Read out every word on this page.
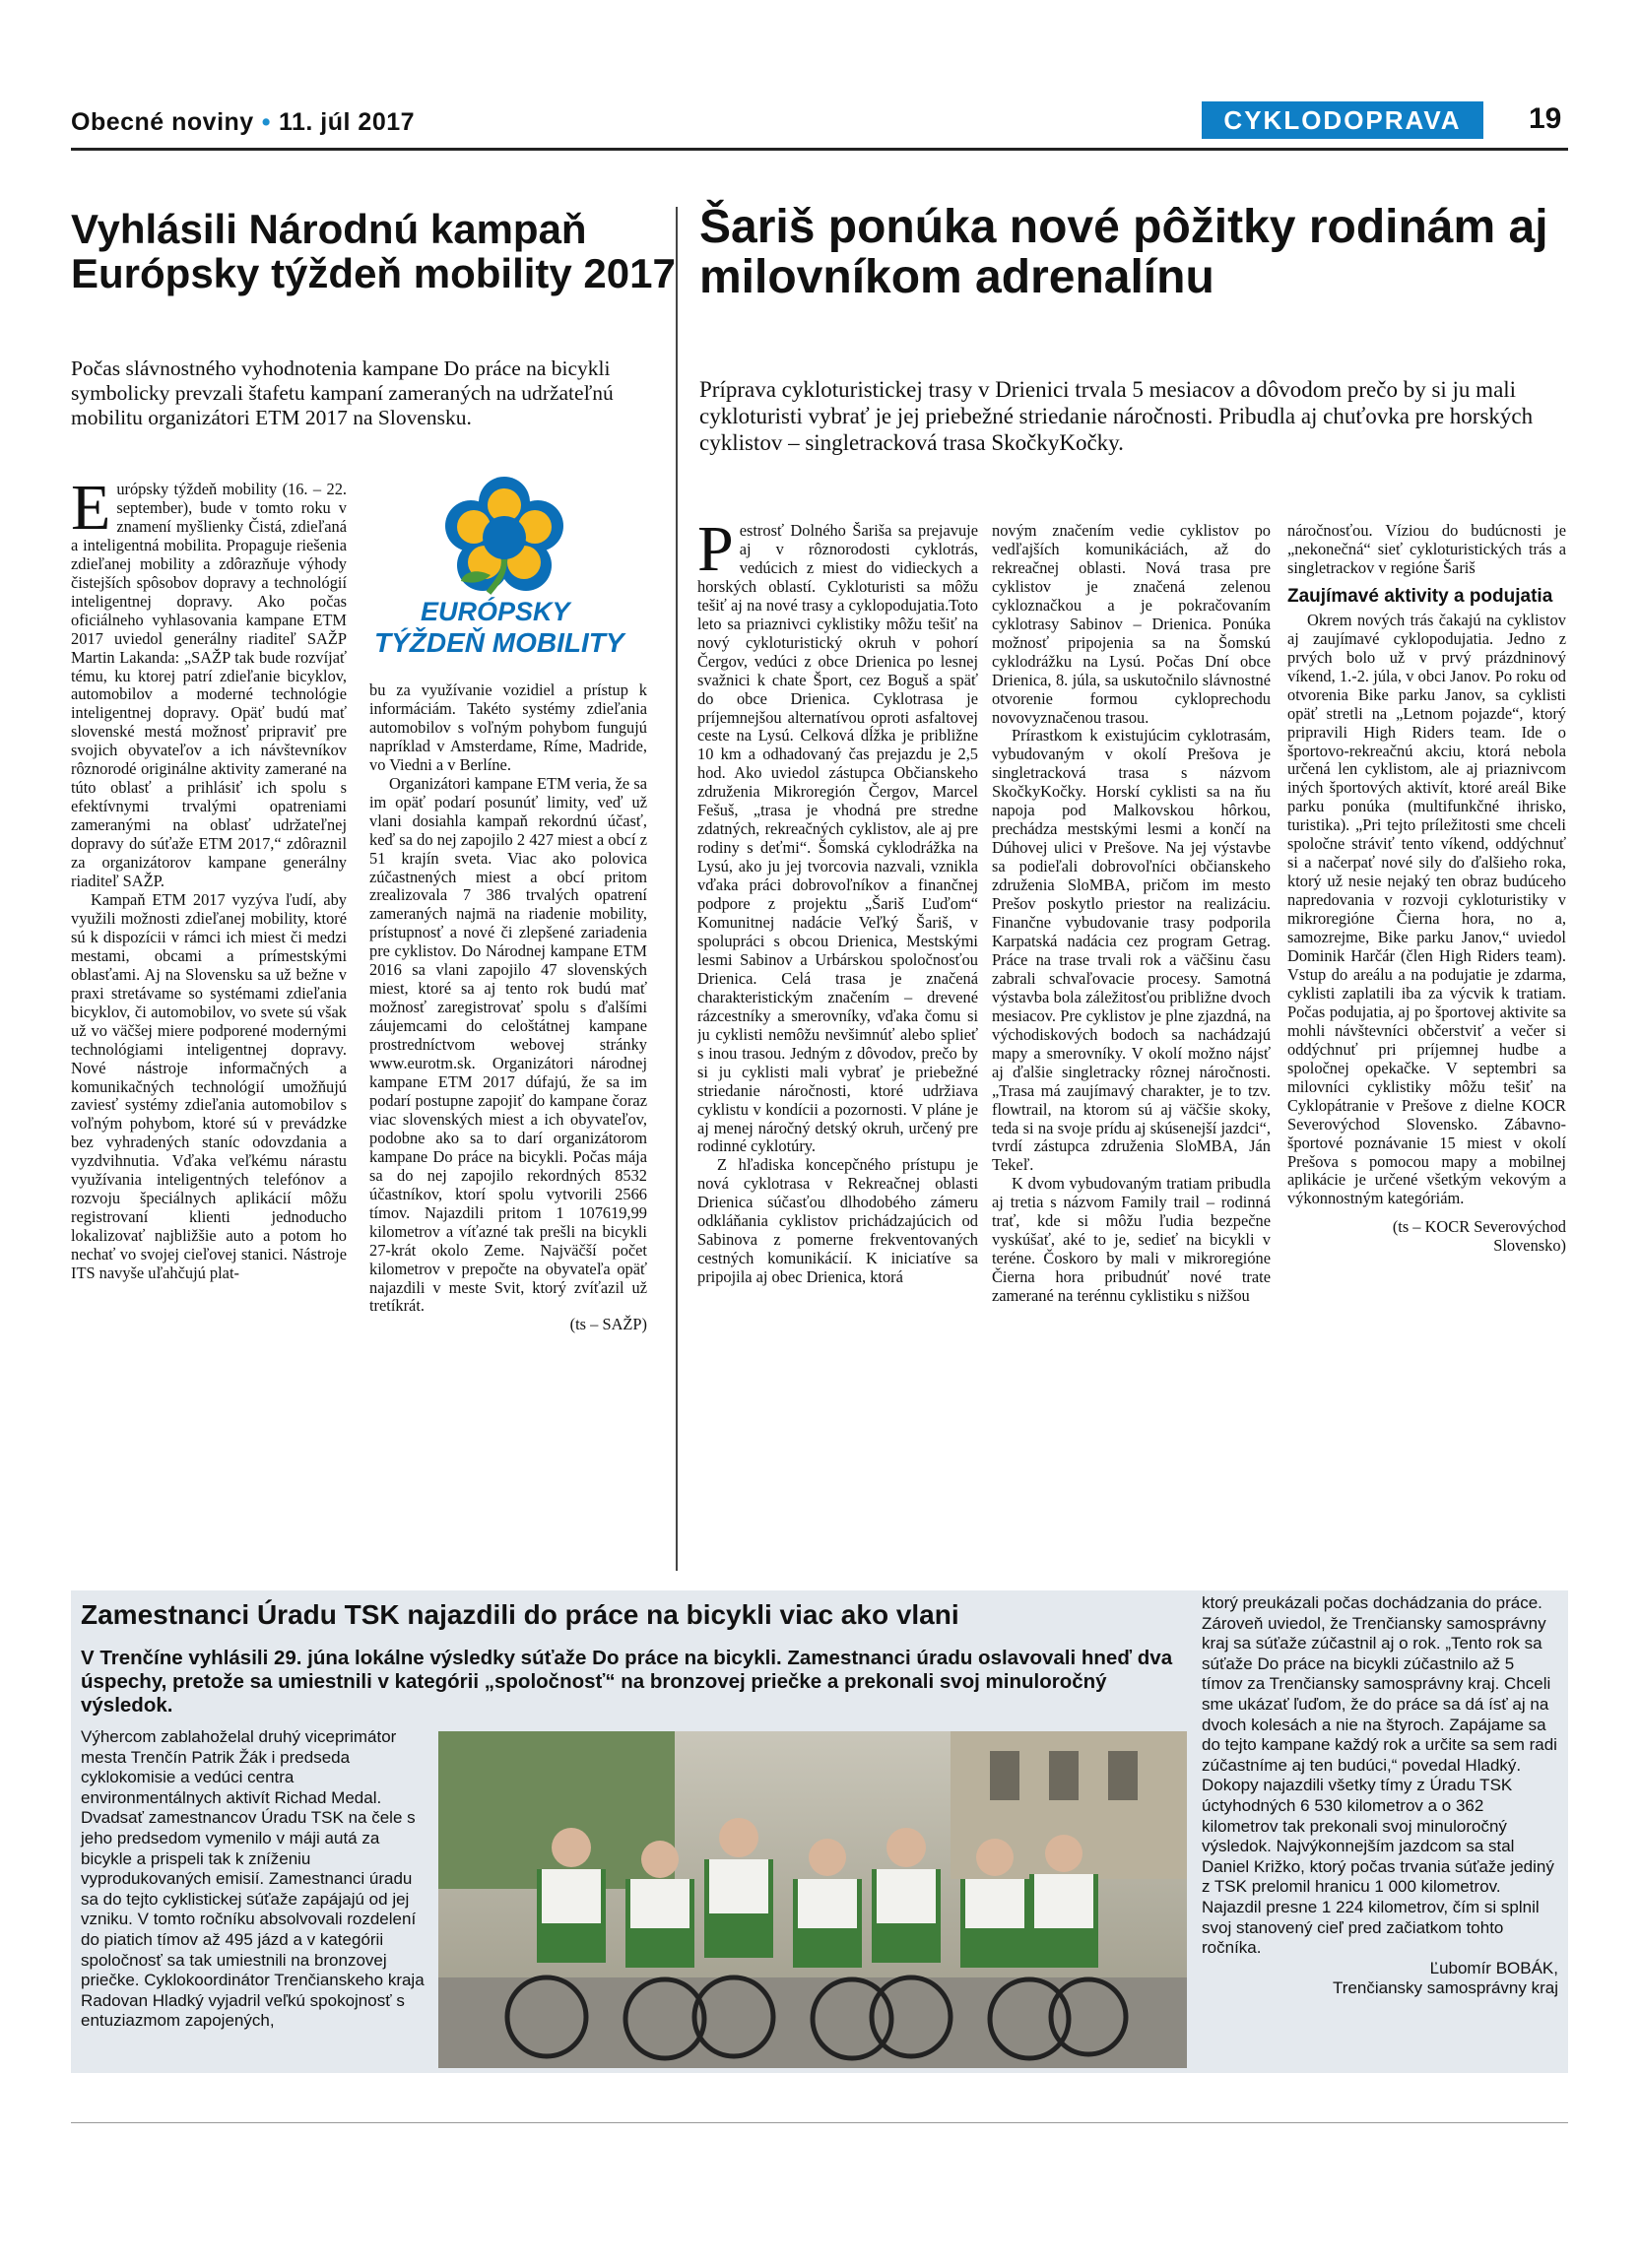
Obecné noviny • 11. júl 2017	CYKLODOPRAVA	19
Vyhlásili Národnú kampaň Európsky týždeň mobility 2017
Počas slávnostného vyhodnotenia kampane Do práce na bicykli symbolicky prevzali štafetu kampaní zameraných na udržateľnú mobilitu organizátori ETM 2017 na Slovensku.

Európsky týždeň mobility (16. – 22. september), bude v tomto roku v znamení myšlienky Čistá, zdieľaná a inteligentná mobilita. Propaguje riešenia zdieľanej mobility a zdôrazňuje výhody čistejších spôsobov dopravy a technológií inteligentnej dopravy. Ako počas oficiálneho vyhlasovania kampane ETM 2017 uviedol generálny riaditeľ SAŽP Martin Lakanda: „SAŽP tak bude rozvíjať tému, ku ktorej patrí zdieľanie bicyklov, automobilov a moderné technológie inteligentnej dopravy. Opäť budú mať slovenské mestá možnosť pripraviť pre svojich obyvateľov a ich návštevníkov rôznorodé originálne aktivity zamerané na túto oblasť a prihlásiť ich spolu s efektívnymi trvalými opatreniami zameranými na oblasť udržateľnej dopravy do súťaže ETM 2017,“ zdôraznil za organizátorov kampane generálny riaditeľ SAŽP.

Kampaň ETM 2017 vyzýva ľudí, aby využili možnosti zdieľanej mobility, ktoré sú k dispozícii v rámci ich miest či medzi mestami, obcami a prímestskými oblasťami. Aj na Slovensku sa už bežne v praxi stretávame so systémami zdieľania bicyklov, či automobilov, vo svete sú však už vo väčšej miere podporené modernými technológiami inteligentnej dopravy. Nové nástroje informačných a komunikačných technológií umožňujú zaviesť systémy zdieľania automobilov s voľným pohybom, ktoré sú v prevádzke bez vyhradených staníc odovzdania a vyzdvihnutia. Vďaka veľkému nárastu využívania inteligentných telefónov a rozvoju špeciálnych aplikácií môžu registrovaní klienti jednoducho lokalizovať najbližšie auto a potom ho nechať vo svojej cieľovej stanici. Nástroje ITS navyše uľahčujú plat-

EURÓPSKY
TÝŽDEŇ MOBILITY

bu za využívanie vozidiel a prístup k informáciám. Takéto systémy zdieľania automobilov s voľným pohybom fungujú napríklad v Amsterdame, Ríme, Madride, vo Viedni a v Berlíne.

Organizátori kampane ETM veria, že sa im opäť podarí posunúť limity, veď už vlani dosiahla kampaň rekordnú účasť, keď sa do nej zapojilo 2 427 miest a obcí z 51 krajín sveta. Viac ako polovica zúčastnených miest a obcí pritom zrealizovala 7 386 trvalých opatrení zameraných najmä na riadenie mobility, prístupnosť a nové či zlepšené zariadenia pre cyklistov. Do Národnej kampane ETM 2016 sa vlani zapojilo 47 slovenských miest, ktoré sa aj tento rok budú mať možnosť zaregistrovať spolu s ďalšími záujemcami do celoštátnej kampane prostredníctvom webovej stránky www.eurotm.sk. Organizátori národnej kampane ETM 2017 dúfajú, že sa im podarí postupne zapojiť do kampane čoraz viac slovenských miest a ich obyvateľov, podobne ako sa to darí organizátorom kampane Do práce na bicykli. Počas mája sa do nej zapojilo rekordných 8532 účastníkov, ktorí spolu vytvorili 2566 tímov. Najazdili pritom 1 107619,99 kilometrov a víťazné tak prešli na bicykli 27-krát okolo Zeme. Najväčší počet kilometrov v prepočte na obyvateľa opäť najazdili v meste Svit, ktorý zvíťazil už tretíkrát.

(ts – SAŽP)
Šariš ponúka nové pôžitky rodinám aj milovníkom adrenalínu
Príprava cykloturistickej trasy v Drienici trvala 5 mesiacov a dôvodom prečo by si ju mali cykloturisti vybrať je jej priebežné striedanie náročnosti. Pribudla aj chuťovka pre horských cyklistov – singletracková trasa SkočkyKočky.

Pestrosť Dolného Šariša sa prejavuje aj v rôznorodosti cyklotrás, vedúcich z miest do vidieckych a horských oblastí. Cykloturisti sa môžu tešiť aj na nové trasy a cyklopodujatia.Toto leto sa priaznivci cyklistiky môžu tešiť na nový cykloturistický okruh v pohorí Čergov, vedúci z obce Drienica po lesnej svažnici k chate Šport, cez Boguš a späť do obce Drienica. Cyklotrasa je príjemnejšou alternatívou oproti asfaltovej ceste na Lysú. Celková dĺžka je približne 10 km a odhadovaný čas prejazdu je 2,5 hod. Ako uviedol zástupca Občianskeho združenia Mikroregión Čergov, Marcel Fešuš, „trasa je vhodná pre stredne zdatných, rekreačných cyklistov, ale aj pre rodiny s deťmi“. Šomská cyklodrážka na Lysú, ako ju jej tvorcovia nazvali, vznikla vďaka práci dobrovoľníkov a finančnej podpore z projektu „Šariš Ľuďom“ Komunitnej nadácie Veľký Šariš, v spolupráci s obcou Drienica, Mestskými lesmi Sabinov a Urbárskou spoločnosťou Drienica. Celá trasa je značená charakteristickým značením – drevené rázcestníky a smerovníky, vďaka čomu si ju cyklisti nemôžu nevšimnúť alebo splieť s inou trasou. Jedným z dôvodov, prečo by si ju cyklisti mali vybrať je priebežné striedanie náročnosti, ktoré udržiava cyklistu v kondícii a pozornosti. V pláne je aj menej náročný detský okruh, určený pre rodinné cyklotúry.

Z hľadiska koncepčného prístupu je nová cyklotrasa v Rekreačnej oblasti Drienica súčasťou dlhodobého zámeru odkláňania cyklistov prichádzajúcich od Sabinova z pomerne frekventovaných cestných komunikácií. K iniciatíve sa pripojila aj obec Drienica, ktorá

novým značením vedie cyklistov po vedľajších komunikáciách, až do rekreačnej oblasti. Nová trasa pre cyklistov je značená zelenou cykloznačkou a je pokračovaním cyklotrasy Sabinov – Drienica. Ponúka možnosť pripojenia sa na Šomskú cyklodrážku na Lysú. Počas Dní obce Drienica, 8. júla, sa uskutočnilo slávnostné otvorenie formou cykloprechodu novovyznačenou trasou.

Prírastkom k existujúcim cyklotrasám, vybudovaným v okolí Prešova je singletracková trasa s názvom SkočkyKočky. Horskí cyklisti sa na ňu napoja pod Malkovskou hôrkou, prechádza mestskými lesmi a končí na Dúhovej ulici v Prešove. Na jej výstavbe sa podieľali dobrovoľníci občianskeho združenia SloMBA, pričom im mesto Prešov poskytlo priestor na realizáciu. Finančne vybudovanie trasy podporila Karpatská nadácia cez program Getrag. Práce na trase trvali rok a väčšinu času zabrali schvaľovacie procesy. Samotná výstavba bola záležitosťou približne dvoch mesiacov. Pre cyklistov je plne zjazdná, na východiskových bodoch sa nachádzajú mapy a smerovníky. V okolí možno nájsť aj ďalšie singletracky rôznej náročnosti. „Trasa má zaujímavý charakter, je to tzv. flowtrail, na ktorom sú aj väčšie skoky, teda si na svoje prídu aj skúsenejší jazdci“, tvrdí zástupca združenia SloMBA, Ján Tekeľ.

K dvom vybudovaným tratiam pribudla aj tretia s názvom Family trail – rodinná trať, kde si môžu ľudia bezpečne vyskúšať, aké to je, sedieť na bicykli v teréne. Čoskoro by mali v mikroregióne Čierna hora pribudnúť nové trate zamerané na terénnu cyklistiku s nižšou

náročnosťou. Víziou do budúcnosti je „nekonečná“ sieť cykloturistických trás a singletrackov v regióne Šariš

Zaujímavé aktivity a podujatia

Okrem nových trás čakajú na cyklistov aj zaujímavé cyklopodujatia. Jedno z prvých bolo už v prvý prázdninový víkend, 1.-2. júla, v obci Janov. Po roku od otvorenia Bike parku Janov, sa cyklisti opäť stretli na „Letnom pojazde“, ktorý pripravili High Riders team. Ide o športovo-rekreačnú akciu, ktorá nebola určená len cyklistom, ale aj priaznivcom iných športových aktivít, ktoré areál Bike parku ponúka (multifunkčné ihrisko, turistika). „Pri tejto príležitosti sme chceli spoločne stráviť tento víkend, oddýchnuť si a načerpať nové sily do ďalšieho roka, ktorý už nesie nejaký ten obraz budúceho napredovania v rozvoji cykloturistiky v mikroregióne Čierna hora, no a, samozrejme, Bike parku Janov,“ uviedol Dominik Harčár (člen High Riders team). Vstup do areálu a na podujatie je zdarma, cyklisti zaplatili iba za výcvik k tratiam. Počas podujatia, aj po športovej aktivite sa mohli návštevníci občerstviť a večer si oddýchnuť pri príjemnej hudbe a spoločnej opekačke. V septembri sa milovníci cyklistiky môžu tešiť na Cyklopátranie v Prešove z dielne KOCR Severovýchod Slovensko. Zábavno-športové poznávanie 15 miest v okolí Prešova s pomocou mapy a mobilnej aplikácie je určené všetkým vekovým a výkonnostným kategóriám.

(ts – KOCR Severovýchod
Slovensko)
Zamestnanci Úradu TSK najazdili do práce na bicykli viac ako vlani
V Trenčíne vyhlásili 29. júna lokálne výsledky súťaže Do práce na bicykli. Zamestnanci úradu oslavovali hneď dva úspechy, pretože sa umiestnili v kategórii „spoločnosť“ na bronzovej priečke a prekonali svoj minuloročný výsledok.
Výhercom zablahoželal druhý viceprimátor mesta Trenčín Patrik Žák i predseda cyklokomisie a vedúci centra environmentálnych aktivít Richad Medal. Dvadsať zamestnancov Úradu TSK na čele s jeho predsedom vymenilo v máji autá za bicykle a prispeli tak k zníženiu vyprodukovaných emisií. Zamestnanci úradu sa do tejto cyklistickej súťaže zapájajú od jej vzniku. V tomto ročníku absolvovali rozdelení do piatich tímov až 495 jázd a v kategórii spoločnosť sa tak umiestnili na bronzovej priečke. Cyklokoordinátor Trenčianskeho kraja Radovan Hladký vyjadril veľkú spokojnosť s entuziazmom zapojených,
ktorý preukázali počas dochádzania do práce. Zároveň uviedol, že Trenčiansky samosprávny kraj sa súťaže zúčastnil aj o rok. „Tento rok sa súťaže Do práce na bicykli zúčastnilo až 5 tímov za Trenčiansky samosprávny kraj. Chceli sme ukázať ľuďom, že do práce sa dá ísť aj na dvoch kolesách a nie na štyroch. Zapájame sa do tejto kampane každý rok a určite sa sem radi zúčastníme aj ten budúci,“ povedal Hladký. Dokopy najazdili všetky tímy z Úradu TSK úctyhodných 6 530 kilometrov a o 362 kilometrov tak prekonali svoj minuloročný výsledok. Najvýkonnejším jazdcom sa stal Daniel Križko, ktorý počas trvania súťaže jediný z TSK prelomil hranicu 1 000 kilometrov. Najazdil presne 1 224 kilometrov, čím si splnil svoj stanovený cieľ pred začiatkom tohto ročníka.
Ľubomír BOBÁK,
Trenčiansky samosprávny kraj
